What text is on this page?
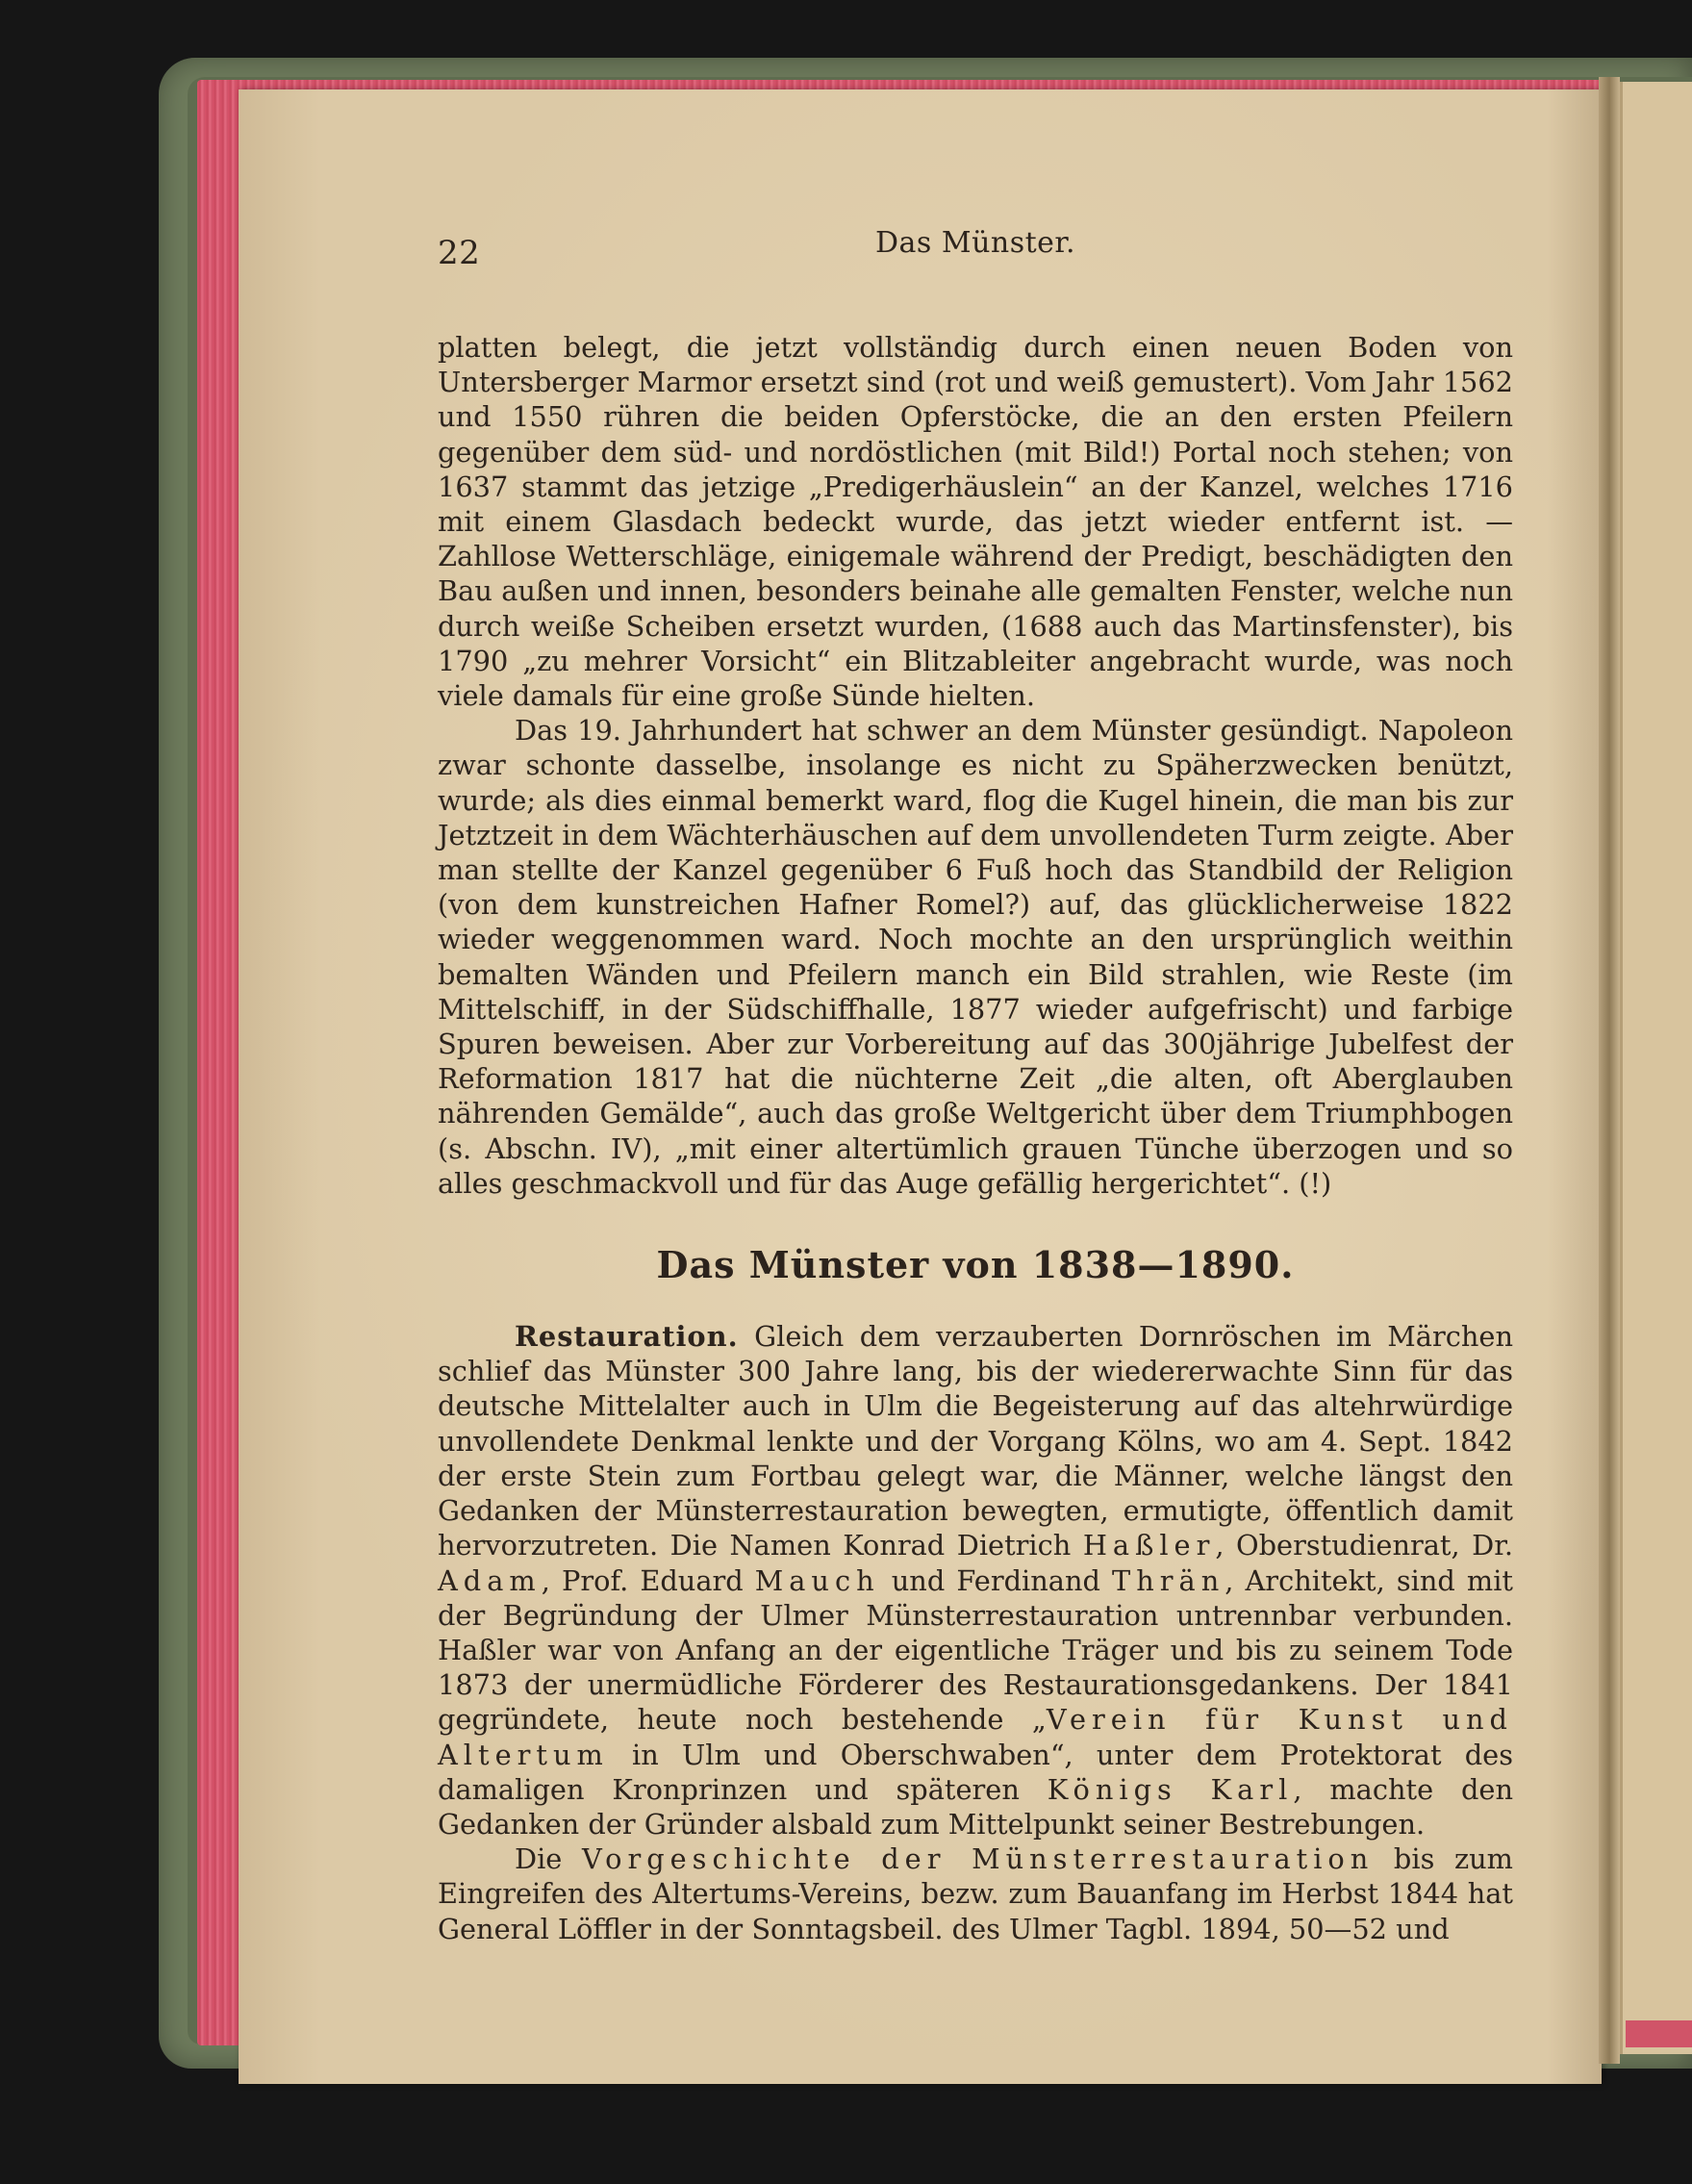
22	Das Münster.

platten belegt, die jetzt vollständig durch einen neuen Boden von Untersberger Marmor ersetzt sind (rot und weiß gemustert). Vom Jahr 1562 und 1550 rühren die beiden Opferstöcke, die an den ersten Pfeilern gegenüber dem süd- und nordöstlichen (mit Bild!) Portal noch stehen; von 1637 stammt das jetzige „Predigerhäuslein“ an der Kanzel, welches 1716 mit einem Glasdach bedeckt wurde, das jetzt wieder entfernt ist. — Zahllose Wetterschläge, einigemale während der Predigt, beschädigten den Bau außen und innen, besonders beinahe alle gemalten Fenster, welche nun durch weiße Scheiben ersetzt wurden, (1688 auch das Martinsfenster), bis 1790 „zu mehrer Vorsicht“ ein Blitzableiter angebracht wurde, was noch viele damals für eine große Sünde hielten.

Das 19. Jahrhundert hat schwer an dem Münster gesündigt. Napoleon zwar schonte dasselbe, insolange es nicht zu Späherzwecken benützt, wurde; als dies einmal bemerkt ward, flog die Kugel hinein, die man bis zur Jetztzeit in dem Wächterhäuschen auf dem unvollendeten Turm zeigte. Aber man stellte der Kanzel gegenüber 6 Fuß hoch das Standbild der Religion (von dem kunstreichen Hafner Romel?) auf, das glücklicherweise 1822 wieder weggenommen ward. Noch mochte an den ursprünglich weithin bemalten Wänden und Pfeilern manch ein Bild strahlen, wie Reste (im Mittelschiff, in der Südschiffhalle, 1877 wieder aufgefrischt) und farbige Spuren beweisen. Aber zur Vorbereitung auf das 300jährige Jubelfest der Reformation 1817 hat die nüchterne Zeit „die alten, oft Aberglauben nährenden Gemälde“, auch das große Weltgericht über dem Triumphbogen (s. Abschn. IV), „mit einer altertümlich grauen Tünche überzogen und so alles geschmackvoll und für das Auge gefällig hergerichtet“. (!)

Das Münster von 1838—1890.

Restauration. Gleich dem verzauberten Dornröschen im Märchen schlief das Münster 300 Jahre lang, bis der wiedererwachte Sinn für das deutsche Mittelalter auch in Ulm die Begeisterung auf das altehrwürdige unvollendete Denkmal lenkte und der Vorgang Kölns, wo am 4. Sept. 1842 der erste Stein zum Fortbau gelegt war, die Männer, welche längst den Gedanken der Münsterrestauration bewegten, ermutigte, öffentlich damit hervorzutreten. Die Namen Konrad Dietrich Haßler, Oberstudienrat, Dr. Adam, Prof. Eduard Mauch und Ferdinand Thrän, Architekt, sind mit der Begründung der Ulmer Münsterrestauration untrennbar verbunden. Haßler war von Anfang an der eigentliche Träger und bis zu seinem Tode 1873 der unermüdliche Förderer des Restaurationsgedankens. Der 1841 gegründete, heute noch bestehende „Verein für Kunst und Altertum in Ulm und Oberschwaben“, unter dem Protektorat des damaligen Kronprinzen und späteren Königs Karl, machte den Gedanken der Gründer alsbald zum Mittelpunkt seiner Bestrebungen.

Die Vorgeschichte der Münsterrestauration bis zum Eingreifen des Altertums-Vereins, bezw. zum Bauanfang im Herbst 1844 hat General Löffler in der Sonntagsbeil. des Ulmer Tagbl. 1894, 50—52 und
